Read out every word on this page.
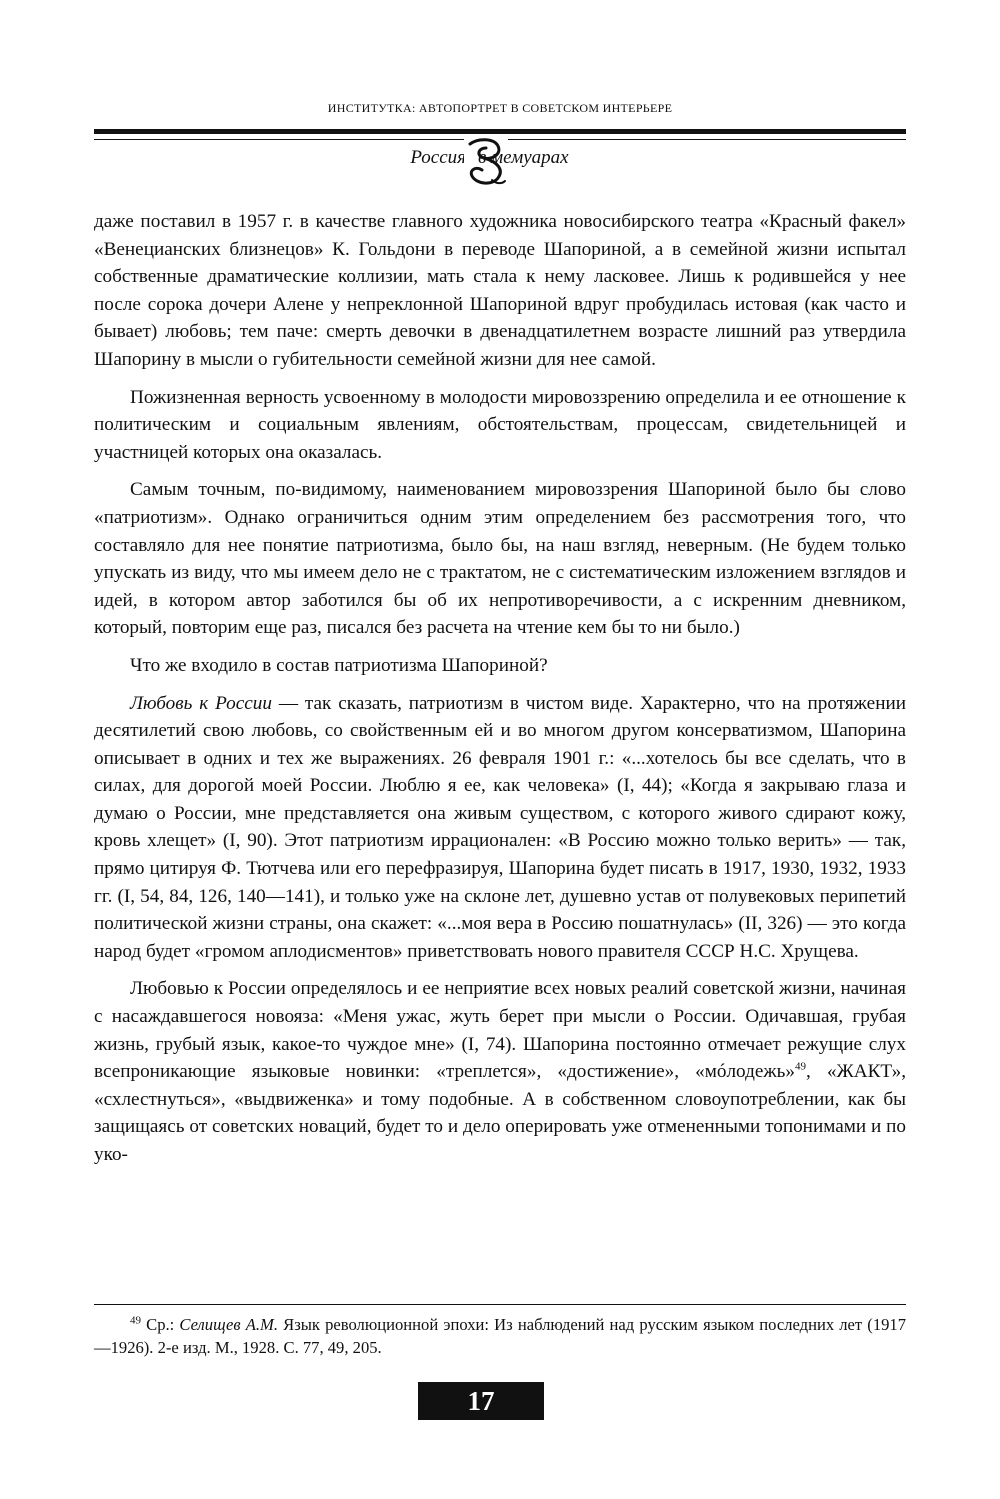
ИНСТИТУТКА: АВТОПОРТРЕТ В СОВЕТСКОМ ИНТЕРЬЕРЕ
Россия в мемуарах

даже поставил в 1957 г. в качестве главного художника новосибирского театра «Красный факел» «Венецианских близнецов» К. Гольдони в переводе Шапориной, а в семейной жизни испытал собственные драматические коллизии, мать стала к нему ласковее. Лишь к родившейся у нее после сорока дочери Алене у непреклонной Шапориной вдруг пробудилась истовая (как часто и бывает) любовь; тем паче: смерть девочки в двенадцатилетнем возрасте лишний раз утвердила Шапорину в мысли о губительности семейной жизни для нее самой.

Пожизненная верность усвоенному в молодости мировоззрению определила и ее отношение к политическим и социальным явлениям, обстоятельствам, процессам, свидетельницей и участницей которых она оказалась.

Самым точным, по-видимому, наименованием мировоззрения Шапориной было бы слово «патриотизм». Однако ограничиться одним этим определением без рассмотрения того, что составляло для нее понятие патриотизма, было бы, на наш взгляд, неверным. (Не будем только упускать из виду, что мы имеем дело не с трактатом, не с систематическим изложением взглядов и идей, в котором автор заботился бы об их непротиворечивости, а с искренним дневником, который, повторим еще раз, писался без расчета на чтение кем бы то ни было.)

Что же входило в состав патриотизма Шапориной?

Любовь к России — так сказать, патриотизм в чистом виде. Характерно, что на протяжении десятилетий свою любовь, со свойственным ей и во многом другом консерватизмом, Шапорина описывает в одних и тех же выражениях. 26 февраля 1901 г.: «...хотелось бы все сделать, что в силах, для дорогой моей России. Люблю я ее, как человека» (I, 44); «Когда я закрываю глаза и думаю о России, мне представляется она живым существом, с которого живого сдирают кожу, кровь хлещет» (I, 90). Этот патриотизм иррационален: «В Россию можно только верить» — так, прямо цитируя Ф. Тютчева или его перефразируя, Шапорина будет писать в 1917, 1930, 1932, 1933 гг. (I, 54, 84, 126, 140—141), и только уже на склоне лет, душевно устав от полувековых перипетий политической жизни страны, она скажет: «...моя вера в Россию пошатнулась» (II, 326) — это когда народ будет «громом аплодисментов» приветствовать нового правителя СССР Н.С. Хрущева.

Любовью к России определялось и ее неприятие всех новых реалий советской жизни, начиная с насаждавшегося новояза: «Меня ужас, жуть берет при мысли о России. Одичавшая, грубая жизнь, грубый язык, какое-то чуждое мне» (I, 74). Шапорина постоянно отмечает режущие слух всепроникающие языковые новинки: «треплется», «достижение», «мóлодежь»$^{49}$, «ЖАКТ», «схлестнуться», «выдвиженка» и тому подобные. А в собственном словоупотреблении, как бы защищаясь от советских новаций, будет то и дело оперировать уже отмененными топонимами и по уко-

$^{49}$ Ср.: Селищев А.М. Язык революционной эпохи: Из наблюдений над русским языком последних лет (1917—1926). 2-е изд. М., 1928. С. 77, 49, 205.
17
